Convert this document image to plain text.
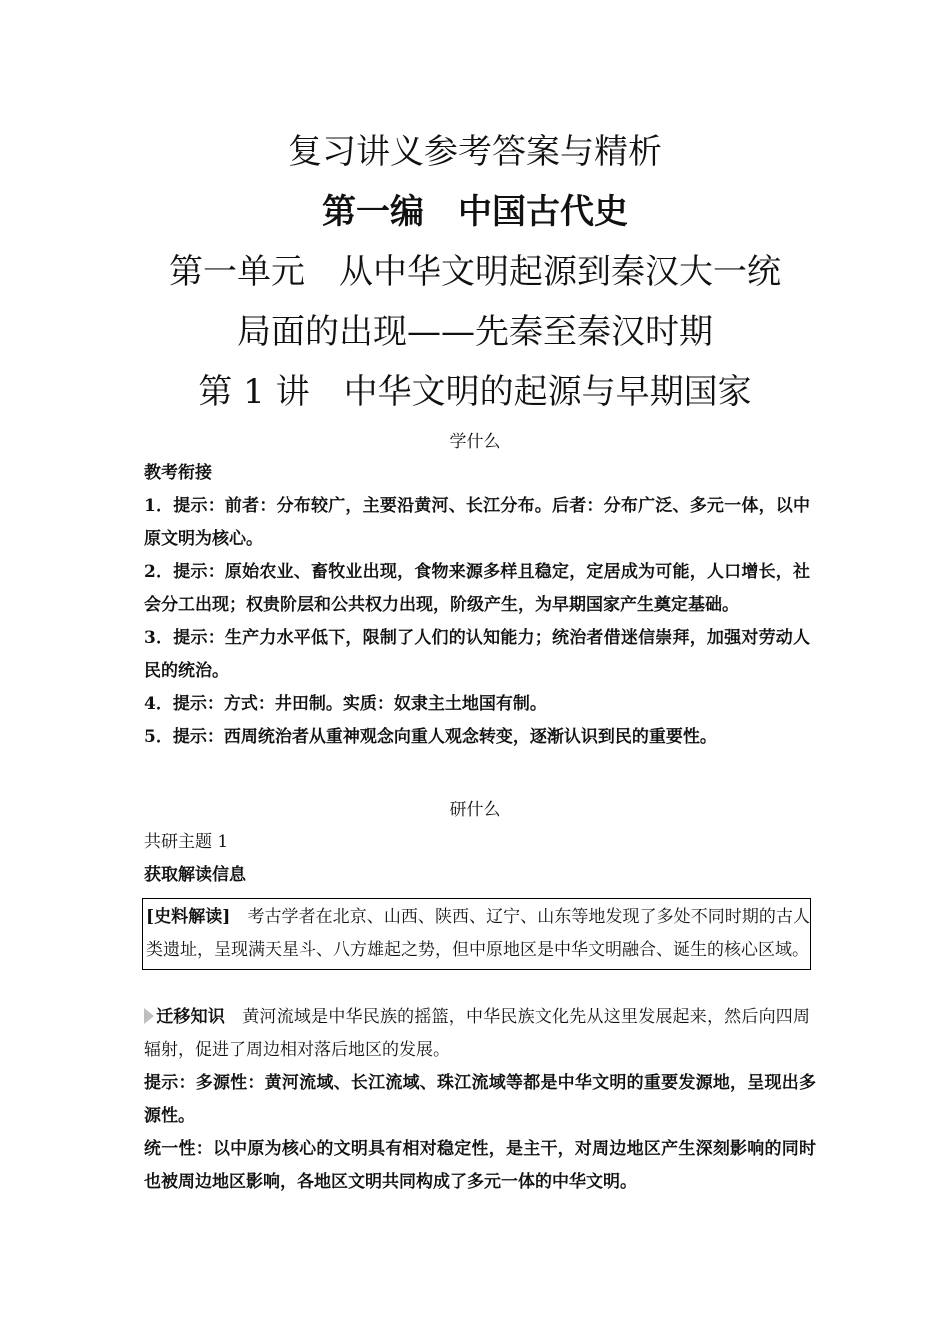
复习讲义参考答案与精析
第一编　中国古代史
第一单元　从中华文明起源到秦汉大一统
局面的出现——先秦至秦汉时期
第 1 讲　中华文明的起源与早期国家
学什么

教考衔接

1．提示：前者：分布较广，主要沿黄河、长江分布。后者：分布广泛、多元一体，以中原文明为核心。

2．提示：原始农业、畜牧业出现，食物来源多样且稳定，定居成为可能，人口增长，社会分工出现；权贵阶层和公共权力出现，阶级产生，为早期国家产生奠定基础。

3．提示：生产力水平低下，限制了人们的认知能力；统治者借迷信崇拜，加强对劳动人民的统治。

4．提示：方式：井田制。实质：奴隶主土地国有制。

5．提示：西周统治者从重神观念向重人观念转变，逐渐认识到民的重要性。

研什么

共研主题 1

获取解读信息

[史料解读]　考古学者在北京、山西、陕西、辽宁、山东等地发现了多处不同时期的古人类遗址，呈现满天星斗、八方雄起之势，但中原地区是中华文明融合、诞生的核心区域。
迁移知识　黄河流域是中华民族的摇篮，中华民族文化先从这里发展起来，然后向四周辐射，促进了周边相对落后地区的发展。
提示：多源性：黄河流域、长江流域、珠江流域等都是中华文明的重要发源地，呈现出多源性。
统一性：以中原为核心的文明具有相对稳定性，是主干，对周边地区产生深刻影响的同时也被周边地区影响，各地区文明共同构成了多元一体的中华文明。
